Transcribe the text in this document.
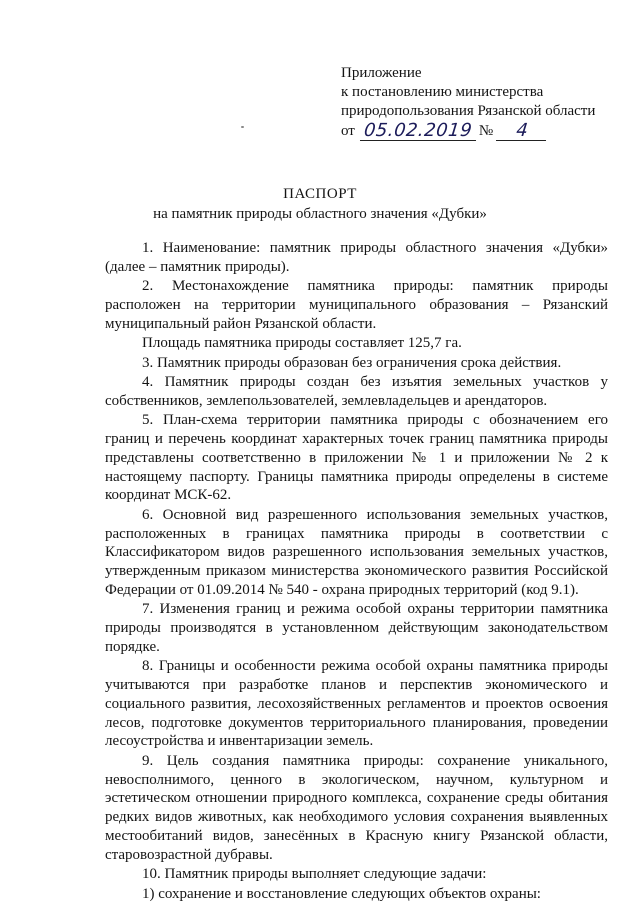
Приложение
к постановлению министерства
природопользования Рязанской области
от 05.02.2019 №	4
ПАСПОРТ
на памятник природы областного значения «Дубки»

1. Наименование: памятник природы областного значения «Дубки» (далее – памятник природы).

2. Местонахождение памятника природы: памятник природы расположен на территории муниципального образования – Рязанский муниципальный район Рязанской области.

Площадь памятника природы составляет 125,7 га.

3. Памятник природы образован без ограничения срока действия.

4. Памятник природы создан без изъятия земельных участков у собственников, землепользователей, землевладельцев и арендаторов.

5. План-схема территории памятника природы с обозначением его границ и перечень координат характерных точек границ памятника природы представлены соответственно в приложении № 1 и приложении № 2 к настоящему паспорту. Границы памятника природы определены в системе координат МСК-62.

6. Основной вид разрешенного использования земельных участков, расположенных в границах памятника природы в соответствии с Классификатором видов разрешенного использования земельных участков, утвержденным приказом министерства экономического развития Российской Федерации от 01.09.2014 № 540 - охрана природных территорий (код 9.1).

7. Изменения границ и режима особой охраны территории памятника природы производятся в установленном действующим законодательством порядке.

8. Границы и особенности режима особой охраны памятника природы учитываются при разработке планов и перспектив экономического и социального развития, лесохозяйственных регламентов и проектов освоения лесов, подготовке документов территориального планирования, проведении лесоустройства и инвентаризации земель.

9. Цель создания памятника природы: сохранение уникального, невосполнимого, ценного в экологическом, научном, культурном и эстетическом отношении природного комплекса, сохранение среды обитания редких видов животных, как необходимого условия сохранения выявленных местообитаний видов, занесённых в Красную книгу Рязанской области, старовозрастной дубравы.

10. Памятник природы выполняет следующие задачи:

1) сохранение и восстановление следующих объектов охраны:
